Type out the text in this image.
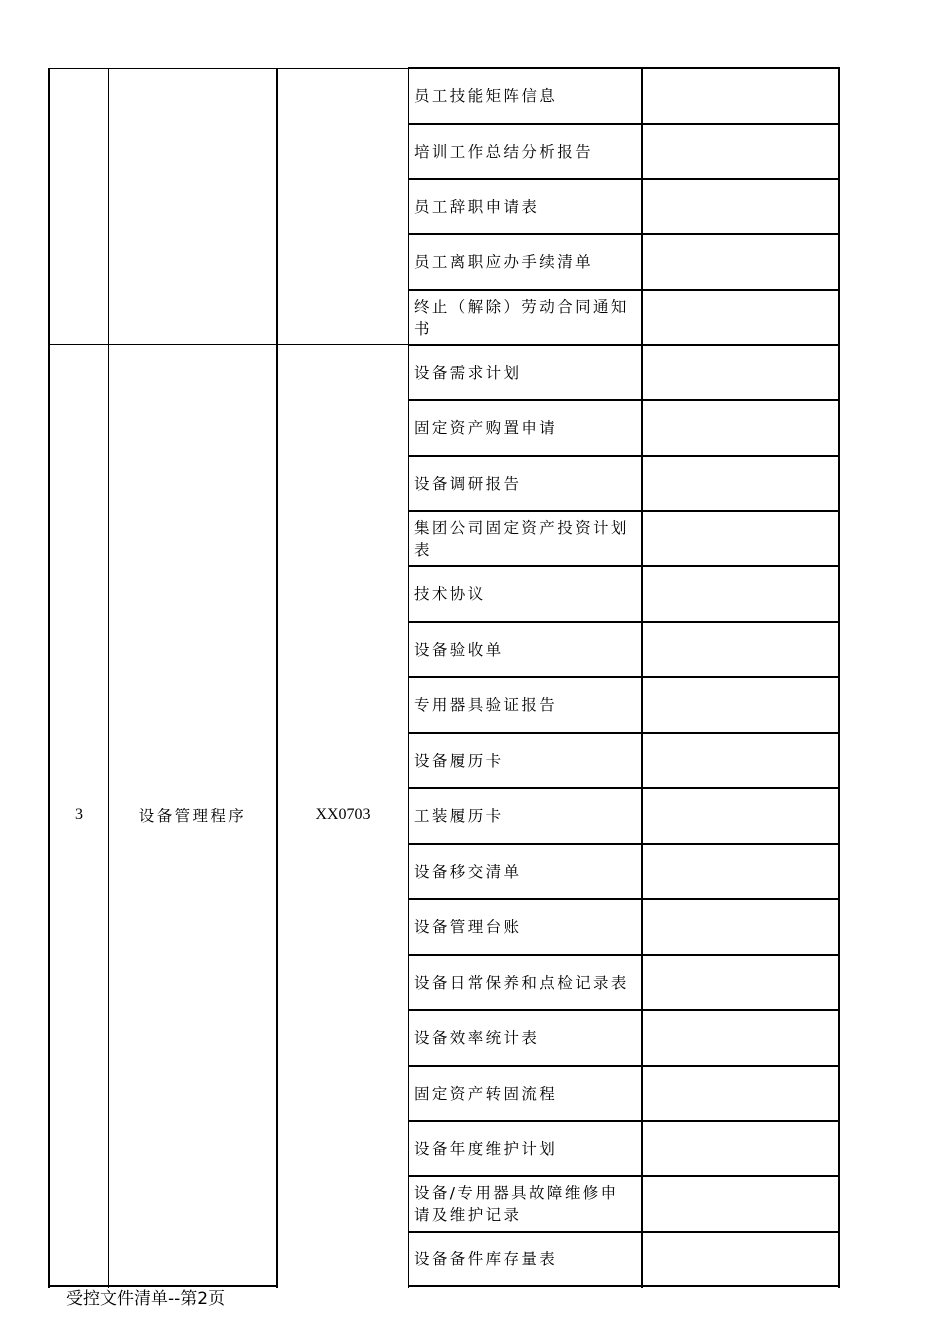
员工技能矩阵信息
培训工作总结分析报告
员工辞职申请表
员工离职应办手续清单
终止（解除）劳动合同通知书
3	设备管理程序	XX0703
设备需求计划
固定资产购置申请
设备调研报告
集团公司固定资产投资计划表
技术协议
设备验收单
专用器具验证报告
设备履历卡
工装履历卡
设备移交清单
设备管理台账
设备日常保养和点检记录表
设备效率统计表
固定资产转固流程
设备年度维护计划
设备/专用器具故障维修申请及维护记录
设备备件库存量表
受控文件清单--第2页
